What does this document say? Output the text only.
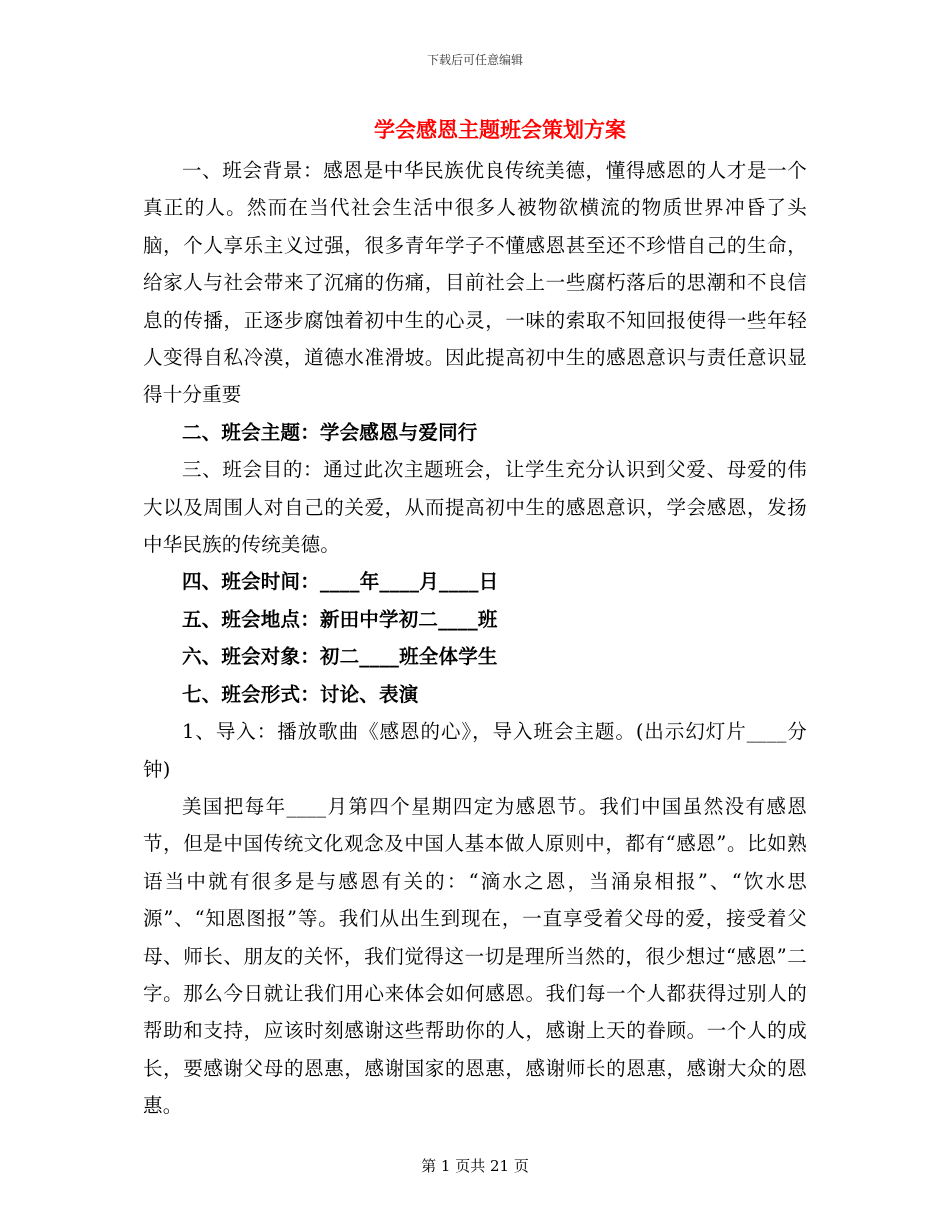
下载后可任意编辑
学会感恩主题班会策划方案

一、班会背景：感恩是中华民族优良传统美德，懂得感恩的人才是一个真正的人。然而在当代社会生活中很多人被物欲横流的物质世界冲昏了头脑，个人享乐主义过强，很多青年学子不懂感恩甚至还不珍惜自己的生命，给家人与社会带来了沉痛的伤痛，目前社会上一些腐朽落后的思潮和不良信息的传播，正逐步腐蚀着初中生的心灵，一味的索取不知回报使得一些年轻人变得自私冷漠，道德水准滑坡。因此提高初中生的感恩意识与责任意识显得十分重要

二、班会主题：学会感恩与爱同行

三、班会目的：通过此次主题班会，让学生充分认识到父爱、母爱的伟大以及周围人对自己的关爱，从而提高初中生的感恩意识，学会感恩，发扬中华民族的传统美德。

四、班会时间：____年____月____日

五、班会地点：新田中学初二____班

六、班会对象：初二____班全体学生

七、班会形式：讨论、表演

1、导入：播放歌曲《感恩的心》，导入班会主题。(出示幻灯片____分钟)

美国把每年____月第四个星期四定为感恩节。我们中国虽然没有感恩节，但是中国传统文化观念及中国人基本做人原则中，都有“感恩”。比如熟语当中就有很多是与感恩有关的：“滴水之恩，当涌泉相报”、“饮水思源”、“知恩图报”等。我们从出生到现在，一直享受着父母的爱，接受着父母、师长、朋友的关怀，我们觉得这一切是理所当然的，很少想过“感恩”二字。那么今日就让我们用心来体会如何感恩。我们每一个人都获得过别人的帮助和支持，应该时刻感谢这些帮助你的人，感谢上天的眷顾。一个人的成长，要感谢父母的恩惠，感谢国家的恩惠，感谢师长的恩惠，感谢大众的恩惠。

第 1 页共 21 页
